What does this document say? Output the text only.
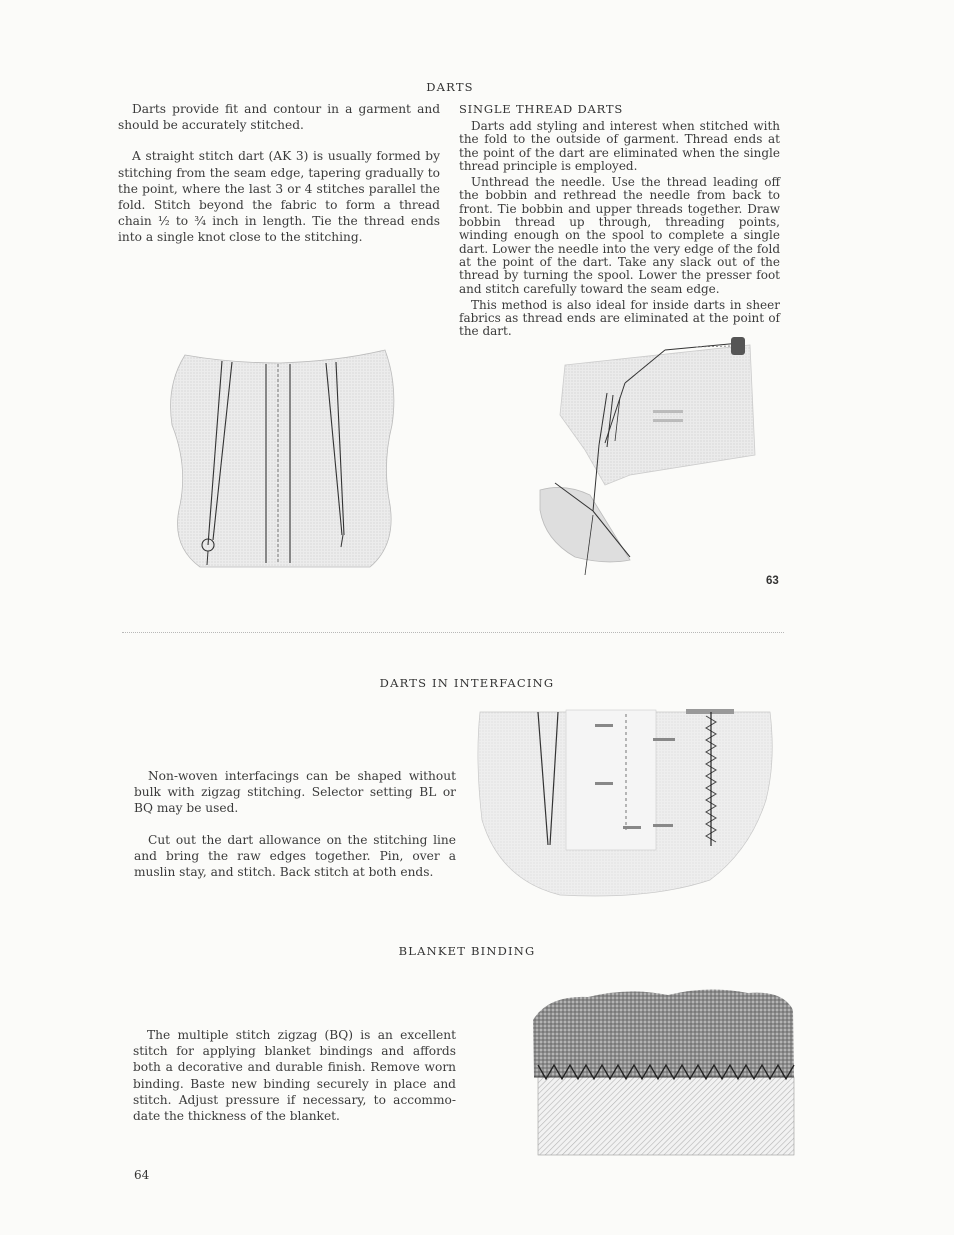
DARTS

Darts provide fit and contour in a garment and should be accurately stitched.

A straight stitch dart (AK 3) is usually formed by stitching from the seam edge, tapering gradually to the point, where the last 3 or 4 stitches parallel the fold. Stitch beyond the fabric to form a thread chain ½ to ¾ inch in length. Tie the thread ends into a single knot close to the stitching.

SINGLE THREAD DARTS

Darts add styling and interest when stitched with the fold to the outside of garment. Thread ends at the point of the dart are eliminated when the single thread principle is employed.

Unthread the needle. Use the thread leading off the bobbin and rethread the needle from back to front. Tie bobbin and upper threads together. Draw bobbin thread up through, threading points, winding enough on the spool to complete a single dart. Lower the needle into the very edge of the fold at the point of the dart. Take any slack out of the thread by turning the spool. Lower the presser foot and stitch carefully toward the seam edge.

This method is also ideal for inside darts in sheer fabrics as thread ends are eliminated at the point of the dart.

63
DARTS IN INTERFACING

Non-woven interfacings can be shaped without bulk with zigzag stitching. Selector setting BL or BQ may be used.

Cut out the dart allowance on the stitching line and bring the raw edges together. Pin, over a muslin stay, and stitch. Back stitch at both ends.

BLANKET BINDING

The multiple stitch zigzag (BQ) is an excellent stitch for applying blanket bindings and affords both a decorative and durable finish. Remove worn binding. Baste new binding securely in place and stitch. Adjust pressure if necessary, to accommo-date the thickness of the blanket.

64
